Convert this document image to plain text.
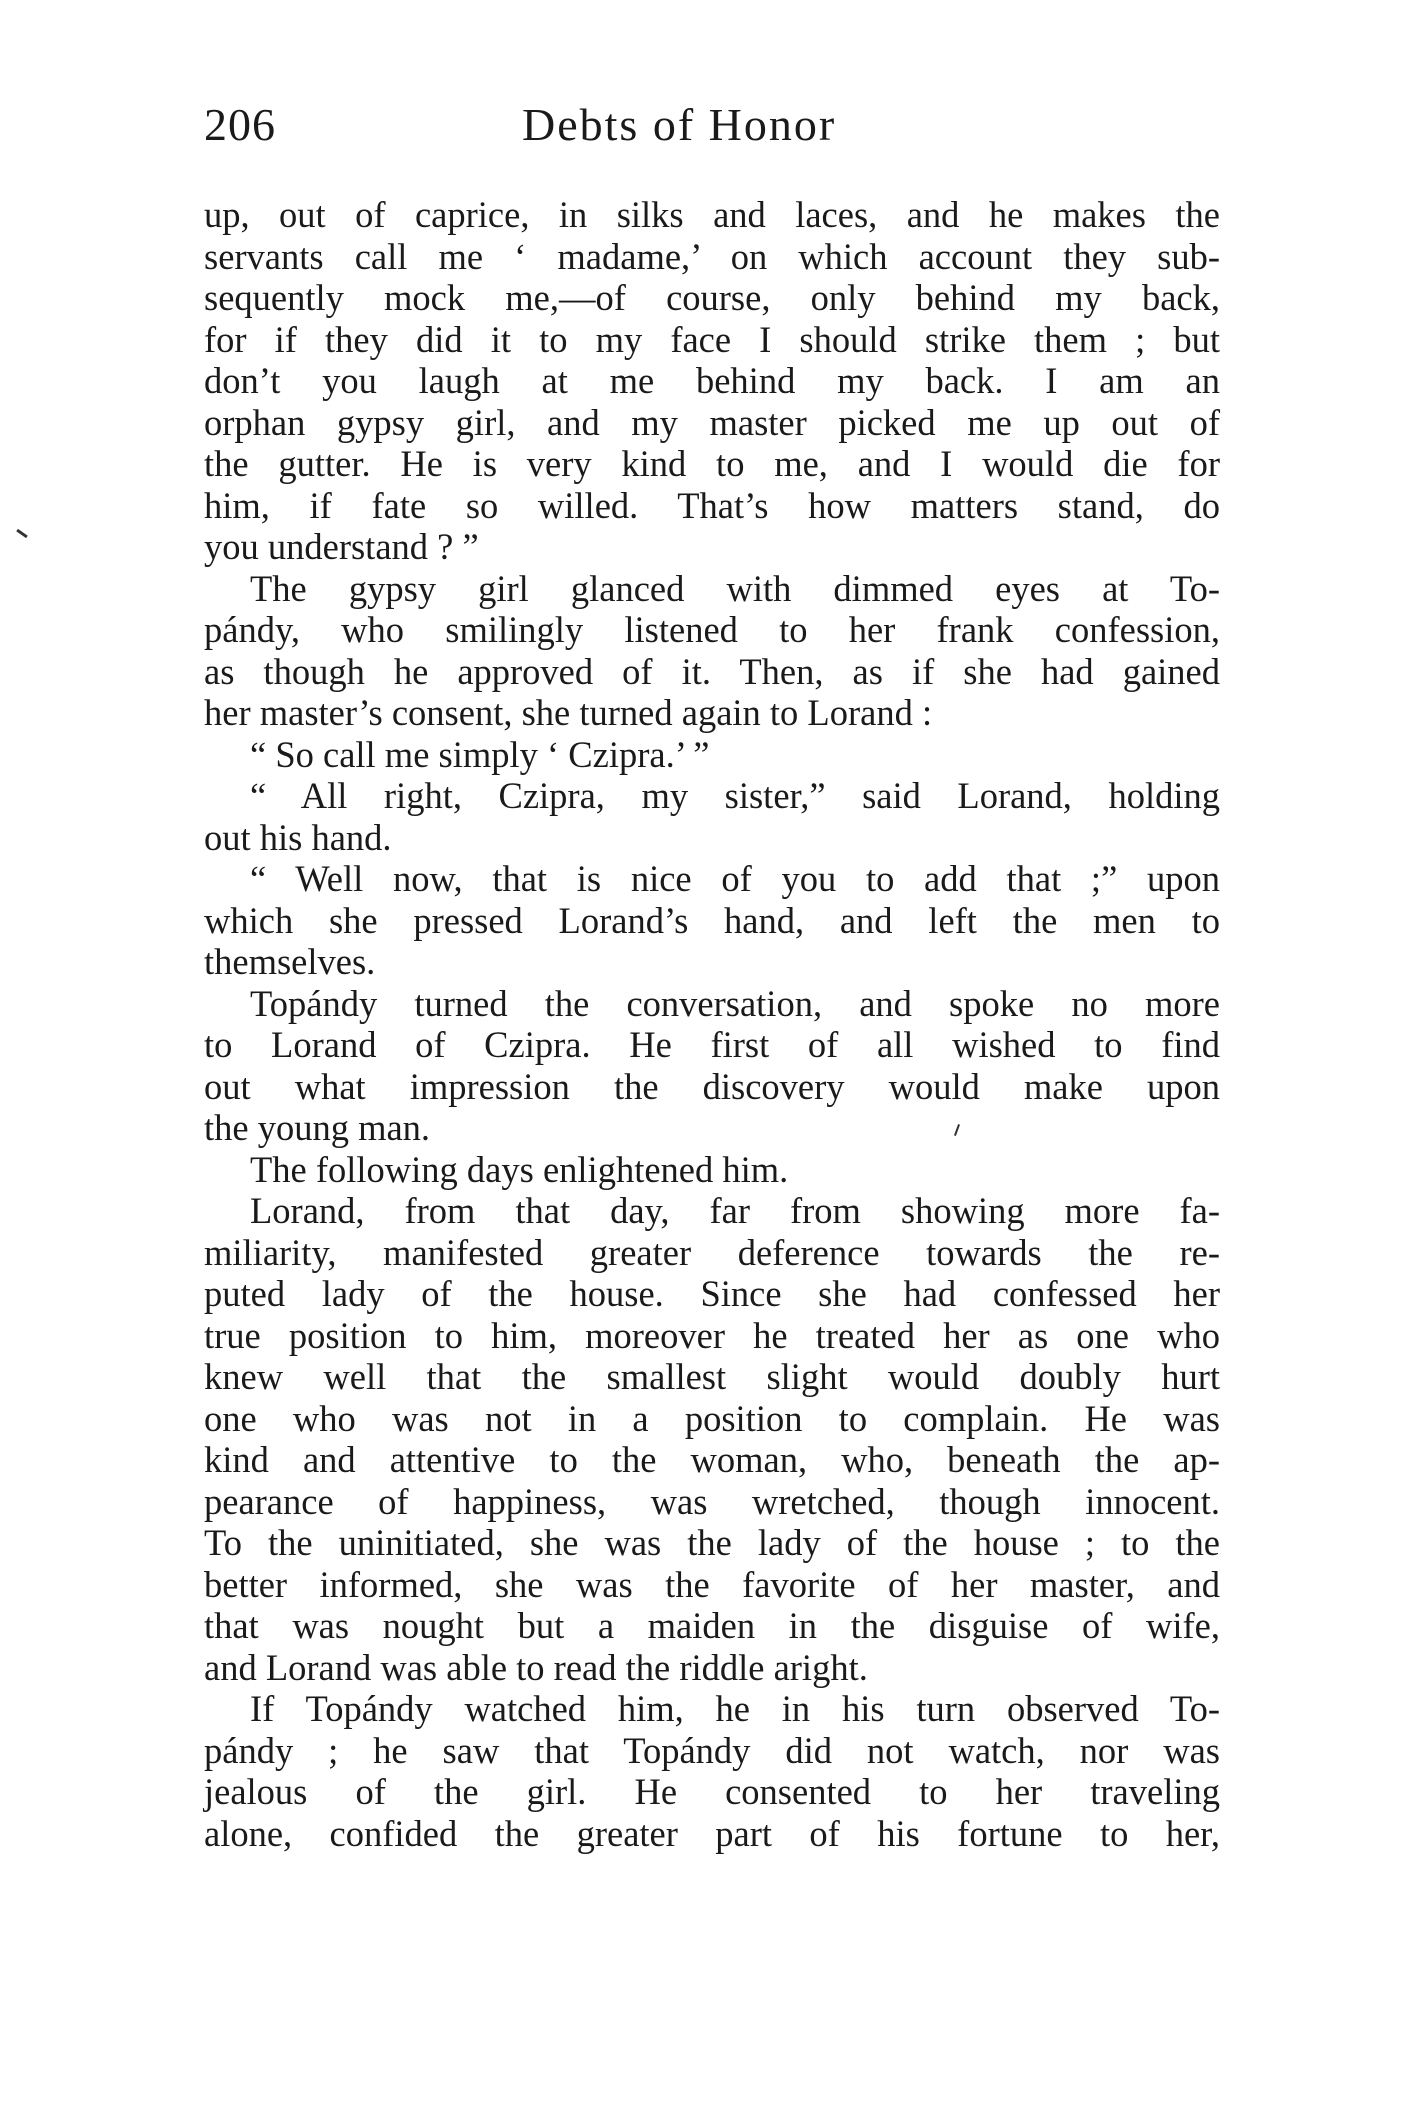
206	Debts of Honor
up, out of caprice, in silks and laces, and he makes the
servants call me ‘ madame,’ on which account they sub-
sequently mock me,—of course, only behind my back,
for if they did it to my face I should strike them ; but
don’t you laugh at me behind my back. I am an
orphan gypsy girl, and my master picked me up out of
the gutter. He is very kind to me, and I would die for
him, if fate so willed. That’s how matters stand, do
you understand ? ”
The gypsy girl glanced with dimmed eyes at To-
pándy, who smilingly listened to her frank confession,
as though he approved of it. Then, as if she had gained
her master’s consent, she turned again to Lorand :
“ So call me simply ‘ Czipra.’ ”
“ All right, Czipra, my sister,” said Lorand, holding
out his hand.
“ Well now, that is nice of you to add that ;” upon
which she pressed Lorand’s hand, and left the men to
themselves.
Topándy turned the conversation, and spoke no more
to Lorand of Czipra. He first of all wished to find
out what impression the discovery would make upon
the young man.
The following days enlightened him.
Lorand, from that day, far from showing more fa-
miliarity, manifested greater deference towards the re-
puted lady of the house. Since she had confessed her
true position to him, moreover he treated her as one who
knew well that the smallest slight would doubly hurt
one who was not in a position to complain. He was
kind and attentive to the woman, who, beneath the ap-
pearance of happiness, was wretched, though innocent.
To the uninitiated, she was the lady of the house ; to the
better informed, she was the favorite of her master, and
that was nought but a maiden in the disguise of wife,
and Lorand was able to read the riddle aright.
If Topándy watched him, he in his turn observed To-
pándy ; he saw that Topándy did not watch, nor was
jealous of the girl. He consented to her traveling
alone, confided the greater part of his fortune to her,
